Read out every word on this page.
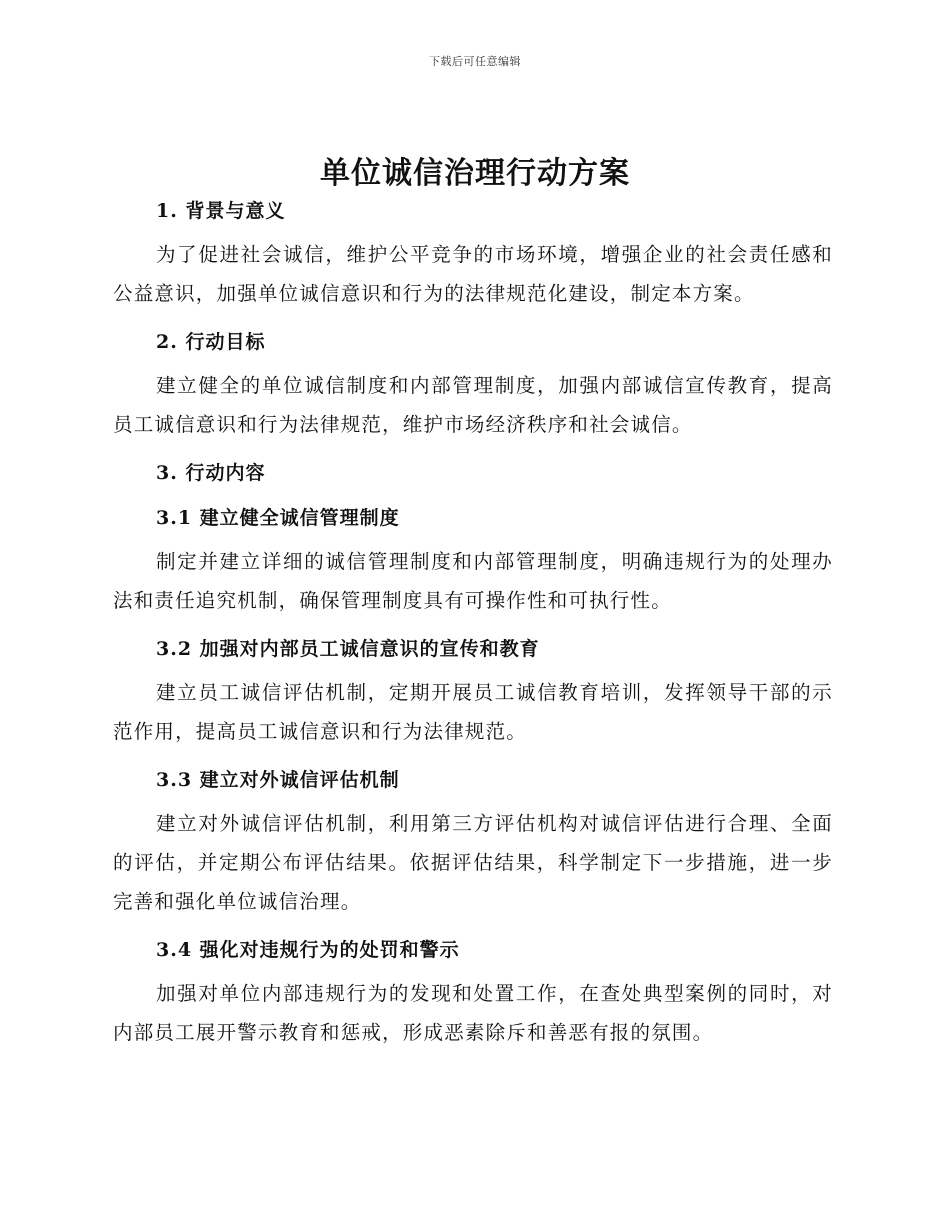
下载后可任意编辑
单位诚信治理行动方案
1. 背景与意义

为了促进社会诚信，维护公平竞争的市场环境，增强企业的社会责任感和公益意识，加强单位诚信意识和行为的法律规范化建设，制定本方案。

2. 行动目标

建立健全的单位诚信制度和内部管理制度，加强内部诚信宣传教育，提高员工诚信意识和行为法律规范，维护市场经济秩序和社会诚信。

3. 行动内容
3.1 建立健全诚信管理制度

制定并建立详细的诚信管理制度和内部管理制度，明确违规行为的处理办法和责任追究机制，确保管理制度具有可操作性和可执行性。

3.2 加强对内部员工诚信意识的宣传和教育

建立员工诚信评估机制，定期开展员工诚信教育培训，发挥领导干部的示范作用，提高员工诚信意识和行为法律规范。

3.3 建立对外诚信评估机制

建立对外诚信评估机制，利用第三方评估机构对诚信评估进行合理、全面的评估，并定期公布评估结果。依据评估结果，科学制定下一步措施，进一步完善和强化单位诚信治理。

3.4 强化对违规行为的处罚和警示

加强对单位内部违规行为的发现和处置工作，在查处典型案例的同时，对内部员工展开警示教育和惩戒，形成恶素除斥和善恶有报的氛围。
